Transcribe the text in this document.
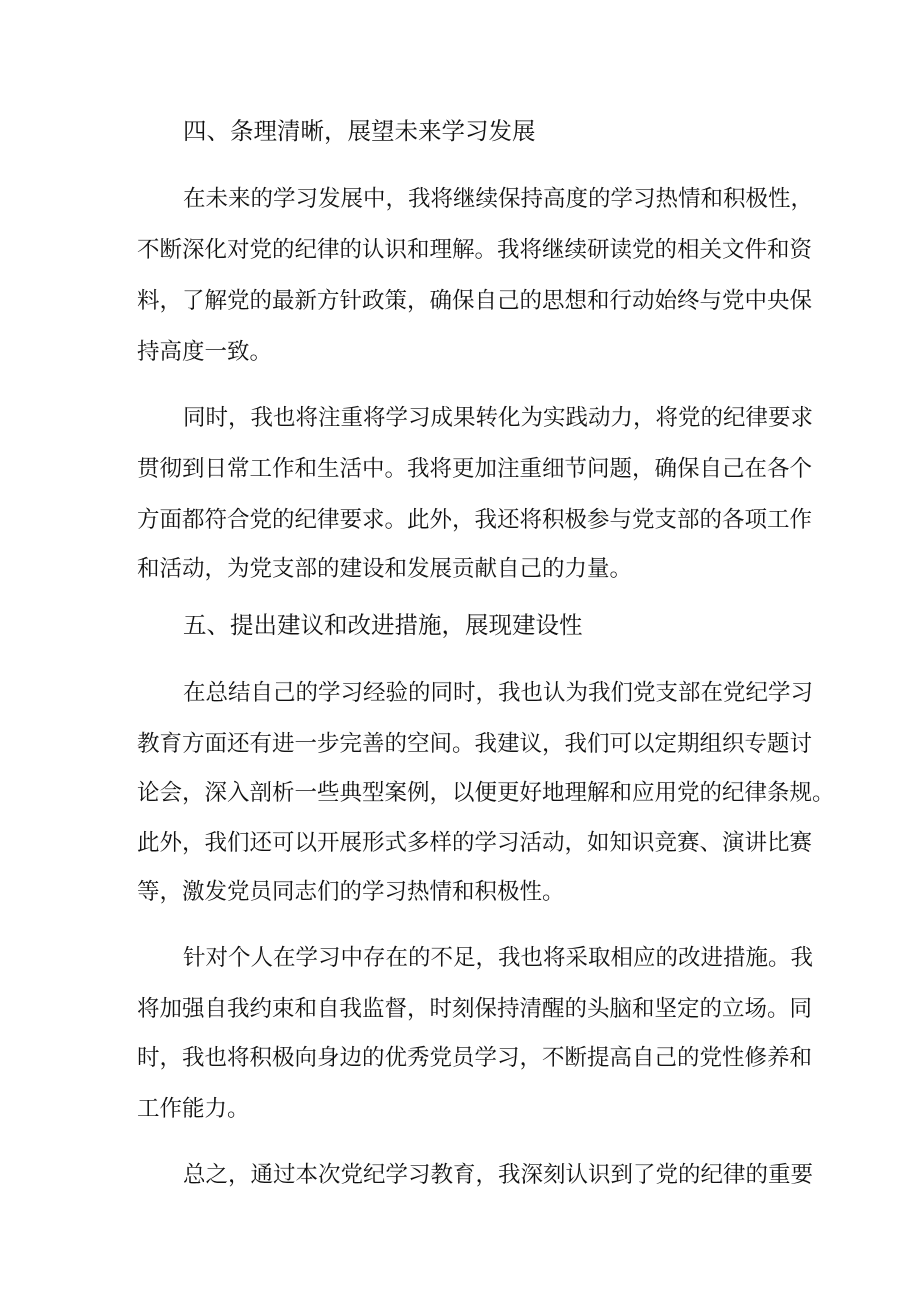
四、条理清晰，展望未来学习发展
在未来的学习发展中，我将继续保持高度的学习热情和积极性，
不断深化对党的纪律的认识和理解。我将继续研读党的相关文件和资
料，了解党的最新方针政策，确保自己的思想和行动始终与党中央保
持高度一致。
同时，我也将注重将学习成果转化为实践动力，将党的纪律要求
贯彻到日常工作和生活中。我将更加注重细节问题，确保自己在各个
方面都符合党的纪律要求。此外，我还将积极参与党支部的各项工作
和活动，为党支部的建设和发展贡献自己的力量。
五、提出建议和改进措施，展现建设性
在总结自己的学习经验的同时，我也认为我们党支部在党纪学习
教育方面还有进一步完善的空间。我建议，我们可以定期组织专题讨
论会，深入剖析一些典型案例，以便更好地理解和应用党的纪律条规。
此外，我们还可以开展形式多样的学习活动，如知识竞赛、演讲比赛
等，激发党员同志们的学习热情和积极性。
针对个人在学习中存在的不足，我也将采取相应的改进措施。我
将加强自我约束和自我监督，时刻保持清醒的头脑和坚定的立场。同
时，我也将积极向身边的优秀党员学习，不断提高自己的党性修养和
工作能力。
总之，通过本次党纪学习教育，我深刻认识到了党的纪律的重要
